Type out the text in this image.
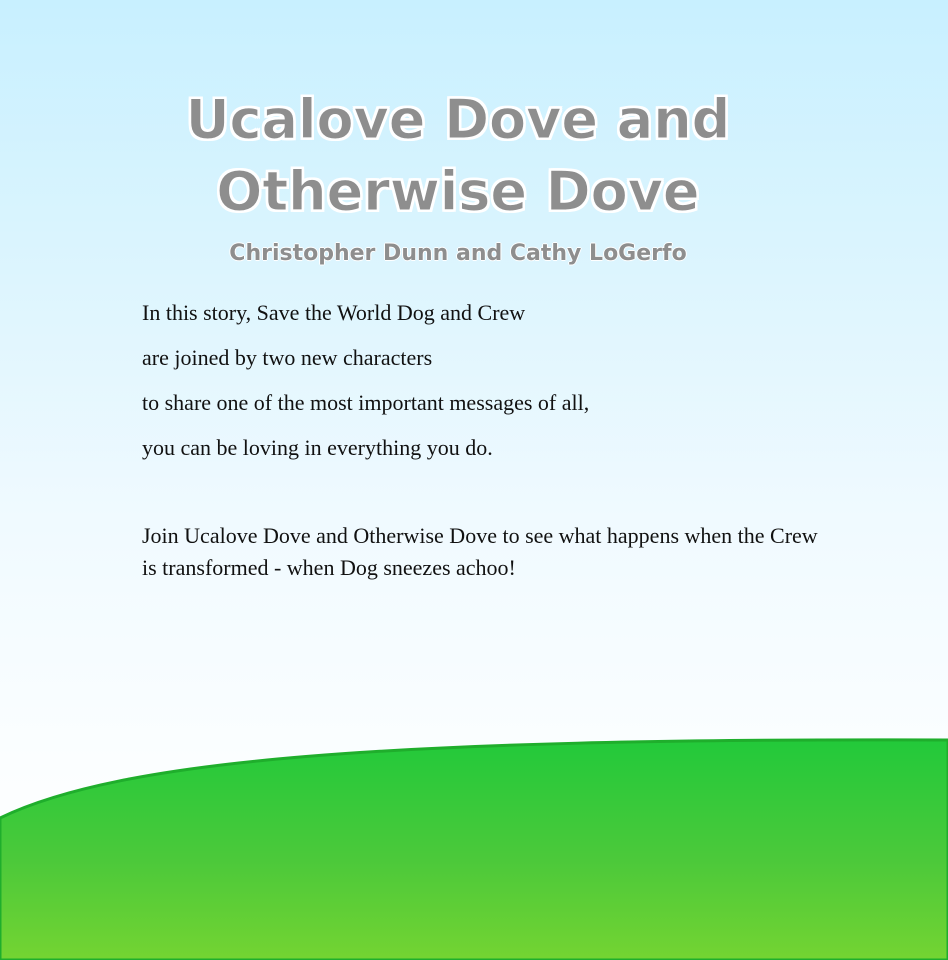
Ucalove Dove and
Otherwise Dove

Christopher Dunn and Cathy LoGerfo

In this story, Save the World Dog and Crew
are joined by two new characters
to share one of the most important messages of all,
you can be loving in everything you do.

Join Ucalove Dove and Otherwise Dove to see what happens when the Crew is transformed - when Dog sneezes achoo!
